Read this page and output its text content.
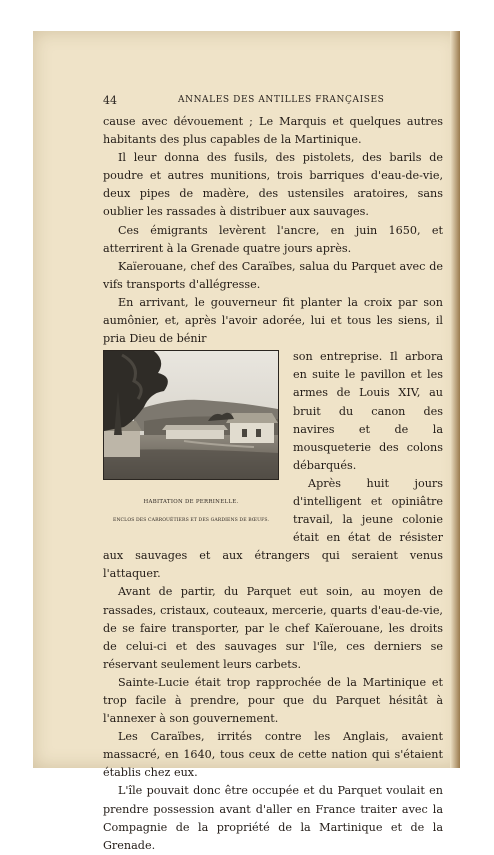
44	ANNALES DES ANTILLES FRANÇAISES

cause avec dévouement ; Le Marquis et quelques autres habitants des plus capables de la Martinique.

Il leur donna des fusils, des pistolets, des barils de poudre et autres munitions, trois barriques d'eau-de-vie, deux pipes de madère, des ustensiles aratoires, sans oublier les rassades à distribuer aux sauvages.

Ces émigrants levèrent l'ancre, en juin 1650, et atterrirent à la Grenade quatre jours après.

Kaïerouane, chef des Caraïbes, salua du Parquet avec de vifs transports d'allégresse.

En arrivant, le gouverneur fit planter la croix par son aumônier, et, après l'avoir adorée, lui et tous les siens, il pria Dieu de bénir

HABITATION DE PERRINELLE.
ENCLOS DES CARROUÉTIERS ET DES GARDIENS DE BŒUFS.

son entreprise. Il arbora en suite le pavillon et les armes de Louis XIV, au bruit du canon des navires et de la mousqueterie des colons débarqués.

Après huit jours d'intelligent et opiniâtre travail, la jeune colonie était en état de résister aux sauvages et aux étrangers qui seraient venus l'attaquer.

Avant de partir, du Parquet eut soin, au moyen de rassades, cristaux, couteaux, mercerie, quarts d'eau-de-vie, de se faire transporter, par le chef Kaïerouane, les droits de celui-ci et des sauvages sur l'île, ces derniers se réservant seulement leurs carbets.

Sainte-Lucie était trop rapprochée de la Martinique et trop facile à prendre, pour que du Parquet hésitât à l'annexer à son gouvernement.

Les Caraïbes, irrités contre les Anglais, avaient massacré, en 1640, tous ceux de cette nation qui s'étaient établis chez eux.

L'île pouvait donc être occupée et du Parquet voulait en prendre possession avant d'aller en France traiter avec la Compagnie de la propriété de la Martinique et de la Grenade.
